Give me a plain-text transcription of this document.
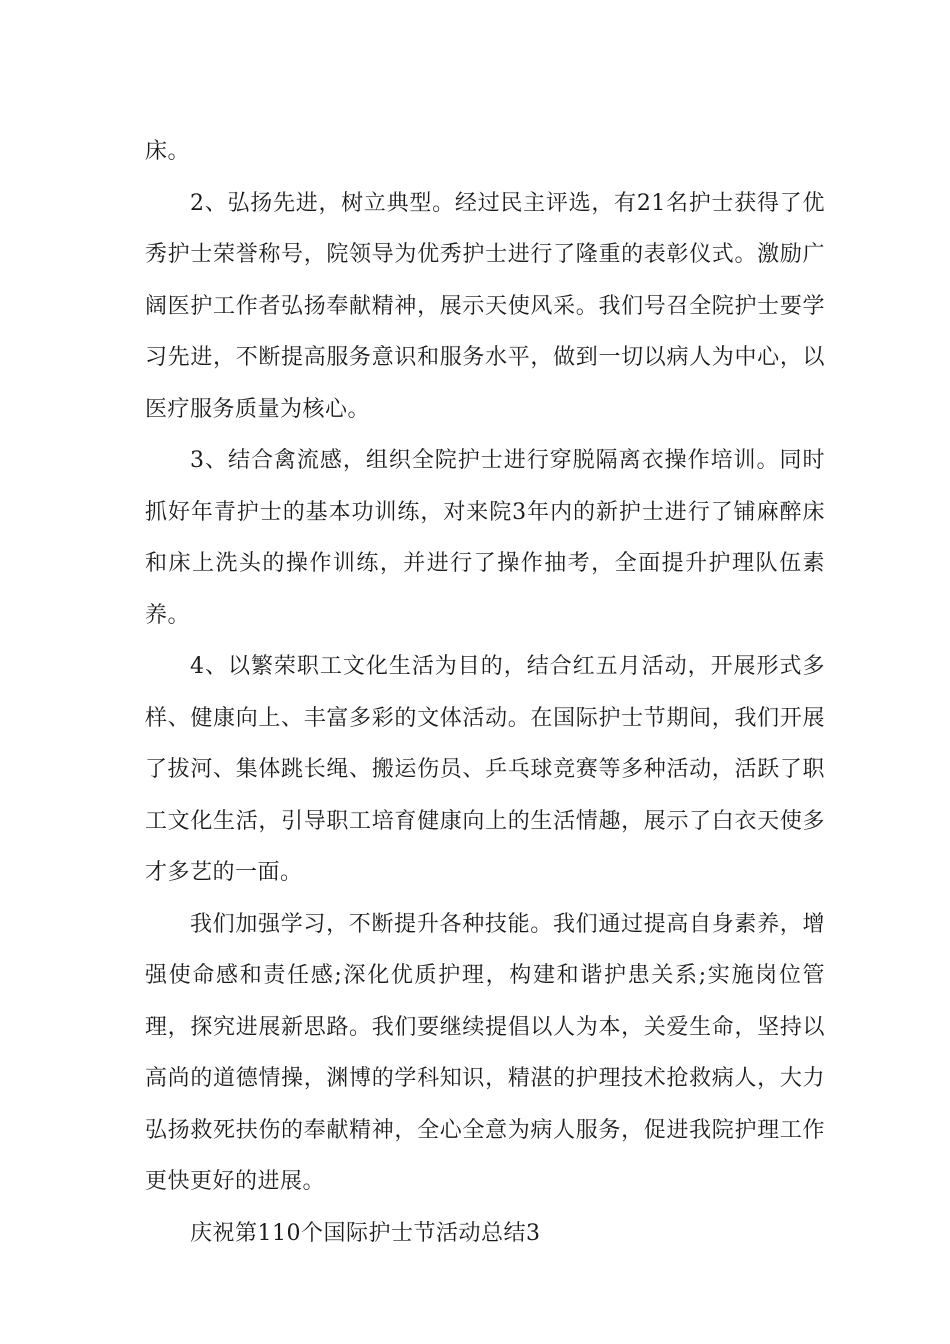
床。

2、弘扬先进，树立典型。经过民主评选，有21名护士获得了优秀护士荣誉称号，院领导为优秀护士进行了隆重的表彰仪式。激励广阔医护工作者弘扬奉献精神，展示天使风采。我们号召全院护士要学习先进，不断提高服务意识和服务水平，做到一切以病人为中心，以医疗服务质量为核心。

3、结合禽流感，组织全院护士进行穿脱隔离衣操作培训。同时抓好年青护士的基本功训练，对来院3年内的新护士进行了铺麻醉床和床上洗头的操作训练，并进行了操作抽考，全面提升护理队伍素养。

4、以繁荣职工文化生活为目的，结合红五月活动，开展形式多样、健康向上、丰富多彩的文体活动。在国际护士节期间，我们开展了拔河、集体跳长绳、搬运伤员、乒乓球竞赛等多种活动，活跃了职工文化生活，引导职工培育健康向上的生活情趣，展示了白衣天使多才多艺的一面。

我们加强学习，不断提升各种技能。我们通过提高自身素养，增强使命感和责任感;深化优质护理，构建和谐护患关系;实施岗位管理，探究进展新思路。我们要继续提倡以人为本，关爱生命，坚持以高尚的道德情操，渊博的学科知识，精湛的护理技术抢救病人，大力弘扬救死扶伤的奉献精神，全心全意为病人服务，促进我院护理工作更快更好的进展。

庆祝第110个国际护士节活动总结3
